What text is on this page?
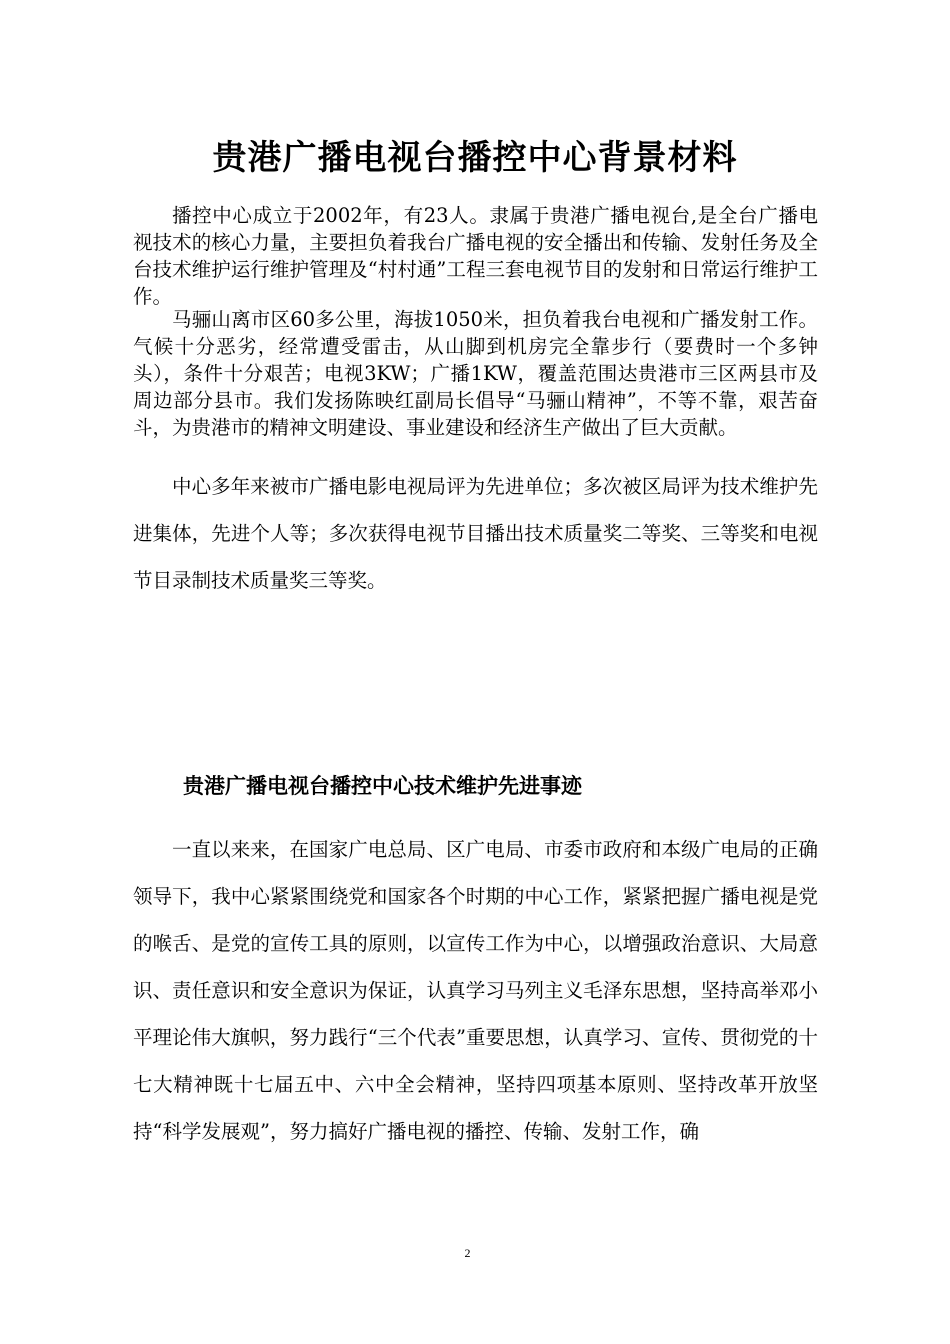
贵港广播电视台播控中心背景材料

播控中心成立于2002年，有23人。隶属于贵港广播电视台,是全台广播电视技术的核心力量，主要担负着我台广播电视的安全播出和传输、发射任务及全台技术维护运行维护管理及“村村通”工程三套电视节目的发射和日常运行维护工作。

马骊山离市区60多公里，海拔1050米，担负着我台电视和广播发射工作。气候十分恶劣，经常遭受雷击，从山脚到机房完全靠步行（要费时一个多钟头），条件十分艰苦；电视3KW；广播1KW，覆盖范围达贵港市三区两县市及周边部分县市。我们发扬陈映红副局长倡导“马骊山精神”，不等不靠，艰苦奋斗，为贵港市的精神文明建设、事业建设和经济生产做出了巨大贡献。

中心多年来被市广播电影电视局评为先进单位；多次被区局评为技术维护先进集体，先进个人等；多次获得电视节目播出技术质量奖二等奖、三等奖和电视节目录制技术质量奖三等奖。

贵港广播电视台播控中心技术维护先进事迹

一直以来来，在国家广电总局、区广电局、市委市政府和本级广电局的正确领导下，我中心紧紧围绕党和国家各个时期的中心工作，紧紧把握广播电视是党的喉舌、是党的宣传工具的原则，以宣传工作为中心，以增强政治意识、大局意识、责任意识和安全意识为保证，认真学习马列主义毛泽东思想，坚持高举邓小平理论伟大旗帜，努力践行“三个代表”重要思想，认真学习、宣传、贯彻党的十七大精神既十七届五中、六中全会精神，坚持四项基本原则、坚持改革开放坚持“科学发展观”，努力搞好广播电视的播控、传输、发射工作，确

2
